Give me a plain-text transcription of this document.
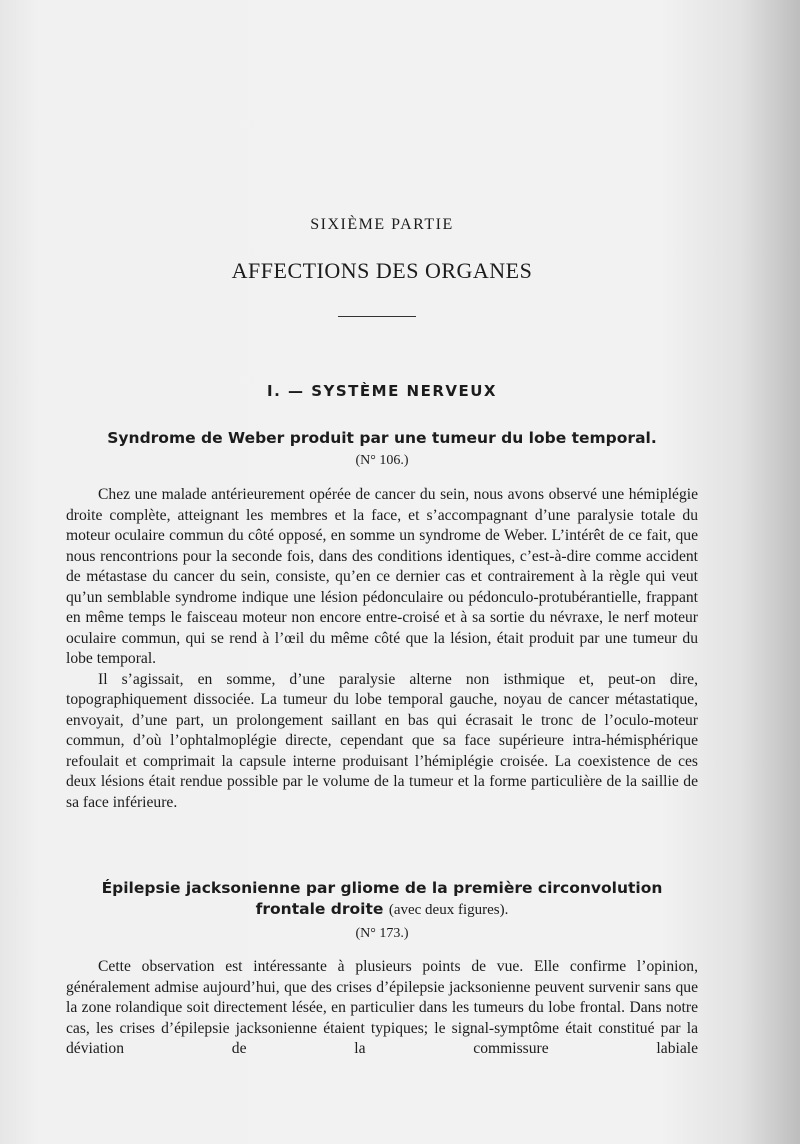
SIXIÈME PARTIE
AFFECTIONS DES ORGANES
I. — SYSTÈME NERVEUX
Syndrome de Weber produit par une tumeur du lobe temporal.
(N° 106.)

Chez une malade antérieurement opérée de cancer du sein, nous avons observé une hémiplégie droite complète, atteignant les membres et la face, et s’accompagnant d’une paralysie totale du moteur oculaire commun du côté opposé, en somme un syndrome de Weber. L’intérêt de ce fait, que nous rencontrions pour la seconde fois, dans des conditions identiques, c’est-à-dire comme accident de métastase du cancer du sein, consiste, qu’en ce dernier cas et contrairement à la règle qui veut qu’un semblable syndrome indique une lésion pédonculaire ou pédonculo-protubérantielle, frappant en même temps le faisceau moteur non encore entre-croisé et à sa sortie du névraxe, le nerf moteur oculaire commun, qui se rend à l’œil du même côté que la lésion, était produit par une tumeur du lobe temporal.

Il s’agissait, en somme, d’une paralysie alterne non isthmique et, peut-on dire, topographiquement dissociée. La tumeur du lobe temporal gauche, noyau de cancer métastatique, envoyait, d’une part, un prolongement saillant en bas qui écrasait le tronc de l’oculo-moteur commun, d’où l’ophtalmoplégie directe, cependant que sa face supérieure intra-hémisphérique refoulait et comprimait la capsule interne produisant l’hémiplégie croisée. La coexistence de ces deux lésions était rendue possible par le volume de la tumeur et la forme particulière de la saillie de sa face inférieure.

Épilepsie jacksonienne par gliome de la première circonvolution
frontale droite (avec deux figures).
(N° 173.)

Cette observation est intéressante à plusieurs points de vue. Elle confirme l’opinion, généralement admise aujourd’hui, que des crises d’épilepsie jacksonienne peuvent survenir sans que la zone rolandique soit directement lésée, en particulier dans les tumeurs du lobe frontal. Dans notre cas, les crises d’épilepsie jacksonienne étaient typiques; le signal-symptôme était constitué par la déviation de la commissure labiale
